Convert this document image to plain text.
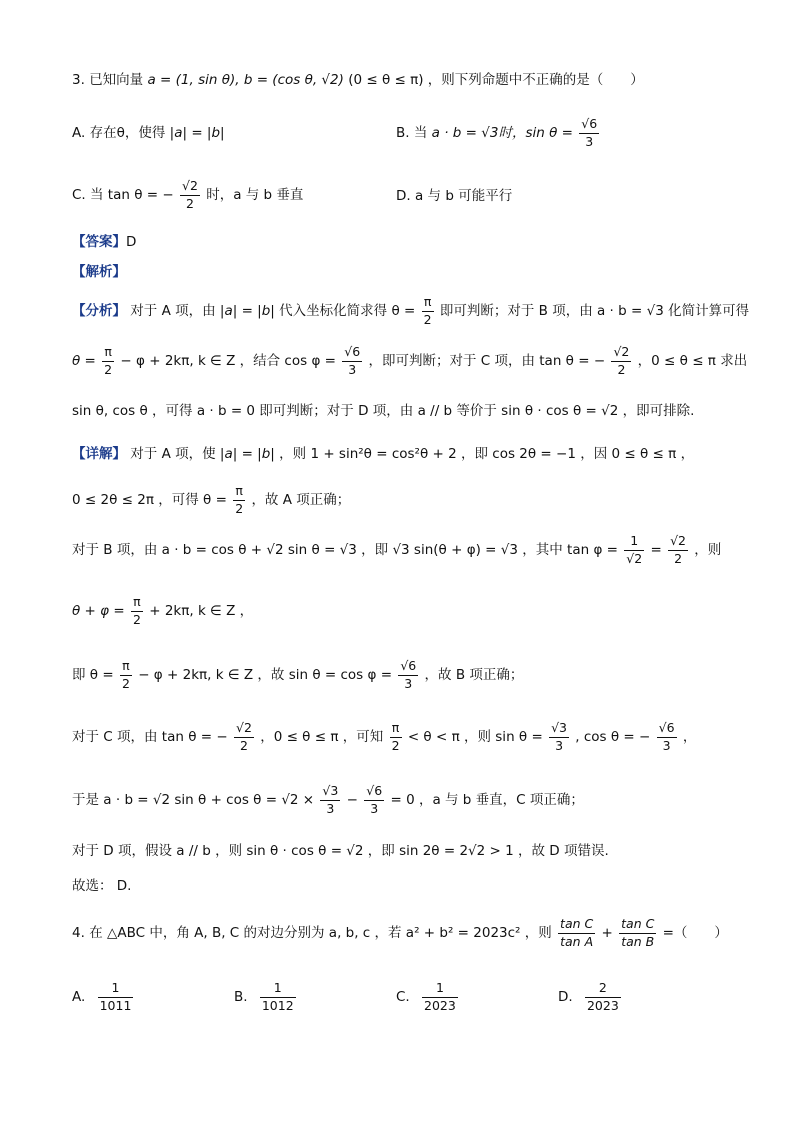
3. 已知向量 a = (1, sin θ), b = (cos θ, √2) (0 ≤ θ ≤ π) ，则下列命题中不正确的是（　　）
A. 存在θ，使得 |a| = |b|	B. 当 a · b = √3时，$\sin \theta = \frac{√6}{3}$
C. 当 tan θ = − $\frac{√2}{2}$ 时，a 与 b 垂直	D. a 与 b 可能平行
【答案】D
【解析】
【分析】 对于 A 项，由 |a| = |b| 代入坐标化简求得 $\theta = \frac{\pi}{2}$ 即可判断；对于 B 项，由 a · b = √3 化简计算可得
$\theta = \frac{\pi}{2} - \varphi + 2k\pi$, k ∈ Z ，结合 $\cos \varphi = \frac{√6}{3}$ ，即可判断；对于 C 项，由 tan θ = − $\frac{√2}{2}$ ，0 ≤ θ ≤ π 求出
sin θ, cos θ ，可得 a · b = 0 即可判断；对于 D 项，由 a // b 等价于 sin θ · cos θ = √2 ，即可排除.
【详解】 对于 A 项，使 |a| = |b| ，则 1 + sin²θ = cos²θ + 2 ，即 cos 2θ = −1 ，因 0 ≤ θ ≤ π ，
0 ≤ 2θ ≤ 2π ，可得 $\theta = \frac{\pi}{2}$ ，故 A 项正确；
对于 B 项，由 a · b = cos θ + √2 sin θ = √3 ，即 √3 sin(θ + φ) = √3 ，其中 $\tan \varphi = \frac{1}{√2} = \frac{√2}{2}$ ，则
$\theta + \varphi = \frac{\pi}{2} + 2k\pi$, k ∈ Z ，
即 $\theta = \frac{\pi}{2} - \varphi + 2k\pi$, k ∈ Z ，故 $\sin \theta = \cos \varphi = \frac{√6}{3}$ ，故 B 项正确；
对于 C 项，由 tan θ = − $\frac{√2}{2}$ ，0 ≤ θ ≤ π ，可知 $\frac{\pi}{2} < \theta < \pi$ ，则 $\sin \theta = \frac{√3}{3}$ , cos θ = − $\frac{√6}{3}$ ，
于是 a · b = √2 $\sin \theta + \cos \theta = √2 \times \frac{√3}{3} - \frac{√6}{3} = 0$ ，a 与 b 垂直，C 项正确；
对于 D 项，假设 a // b ，则 sin θ · cos θ = √2 ，即 sin 2θ = 2√2 > 1 ，故 D 项错误.
故选： D.
4. 在 △ABC 中，角 A, B, C 的对边分别为 a, b, c ，若 a² + b² = 2023c² ，则 $\frac{\text{tan C}}{\text{tan A}} + \frac{\text{tan C}}{\text{tan B}}$ =（　　）
A. $\frac{1}{1011}$	B. $\frac{1}{1012}$	C. $\frac{1}{2023}$	D. $\frac{2}{2023}$
